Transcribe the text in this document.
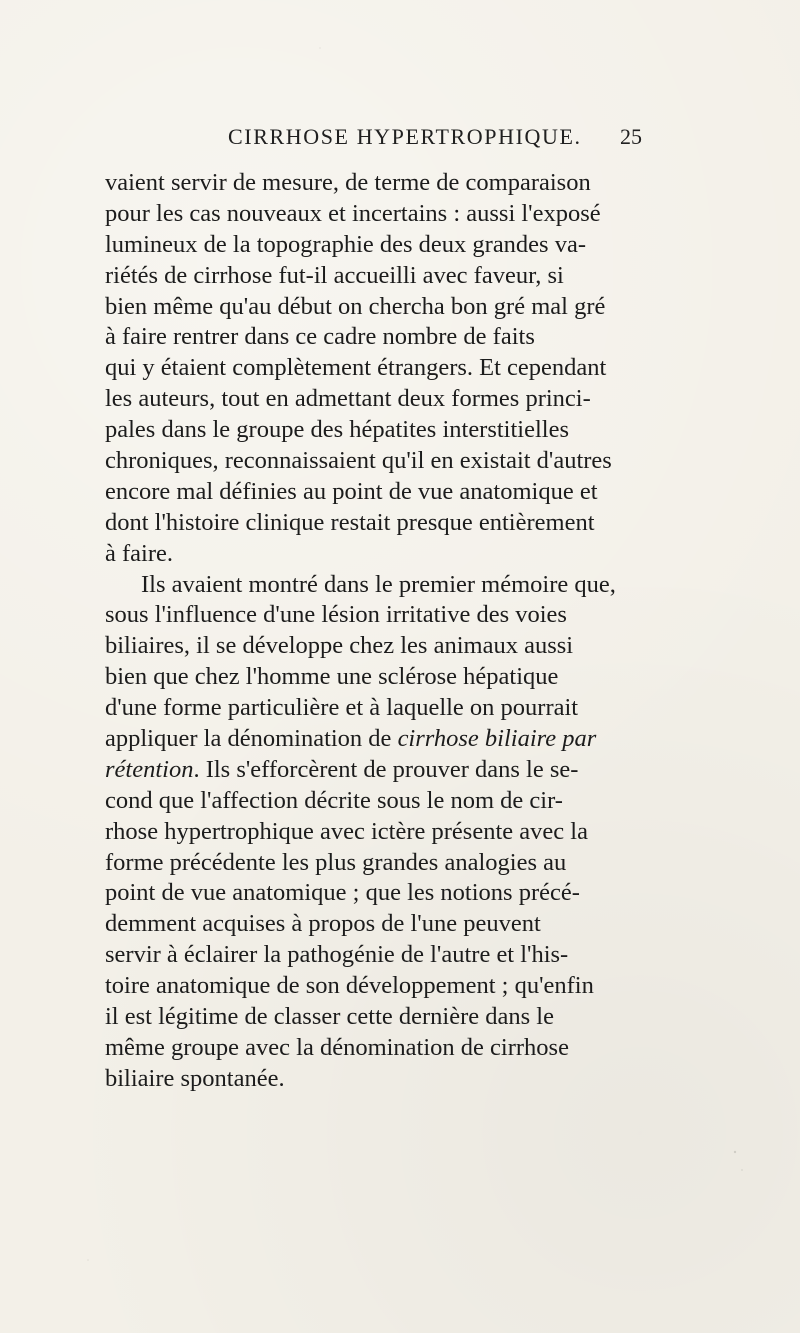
CIRRHOSE HYPERTROPHIQUE. 25
vaient servir de mesure, de terme de comparaison
pour les cas nouveaux et incertains : aussi l'exposé
lumineux de la topographie des deux grandes va-
riétés de cirrhose fut-il accueilli avec faveur, si
bien même qu'au début on chercha bon gré mal gré
à faire rentrer dans ce cadre nombre de faits
qui y étaient complètement étrangers. Et cependant
les auteurs, tout en admettant deux formes princi-
pales dans le groupe des hépatites interstitielles
chroniques, reconnaissaient qu'il en existait d'autres
encore mal définies au point de vue anatomique et
dont l'histoire clinique restait presque entièrement
à faire.
Ils avaient montré dans le premier mémoire que,
sous l'influence d'une lésion irritative des voies
biliaires, il se développe chez les animaux aussi
bien que chez l'homme une sclérose hépatique
d'une forme particulière et à laquelle on pourrait
appliquer la dénomination de cirrhose biliaire par
rétention. Ils s'efforcèrent de prouver dans le se-
cond que l'affection décrite sous le nom de cir-
rhose hypertrophique avec ictère présente avec la
forme précédente les plus grandes analogies au
point de vue anatomique ; que les notions précé-
demment acquises à propos de l'une peuvent
servir à éclairer la pathogénie de l'autre et l'his-
toire anatomique de son développement ; qu'enfin
il est légitime de classer cette dernière dans le
même groupe avec la dénomination de cirrhose
biliaire spontanée.
